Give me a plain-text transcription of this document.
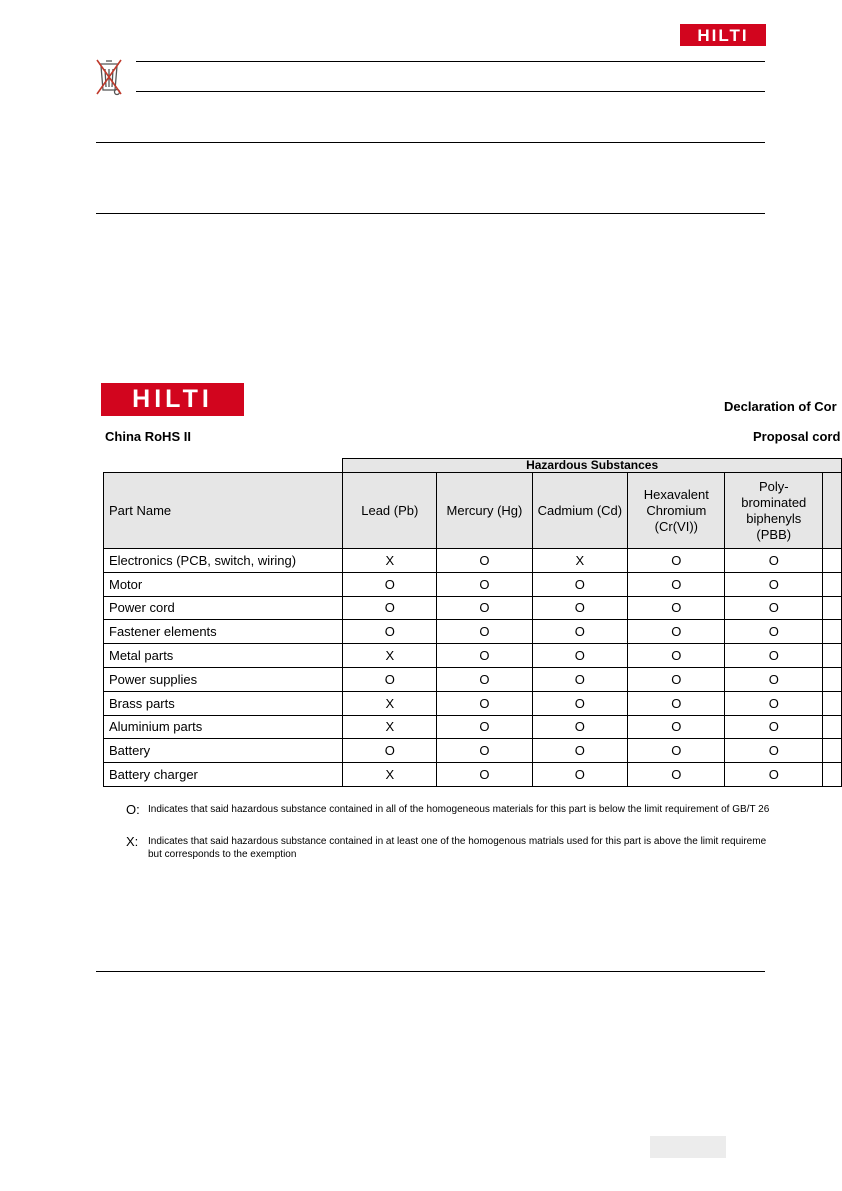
HILTI
HILTI	Declaration of Cor
China RoHS II	Proposal cord
	Hazardous Substances					
Part Name	Lead (Pb)	Mercury (Hg)	Cadmium (Cd)	Hexavalent Chromium (Cr(VI))	Poly-brominated biphenyls (PBB)	
Electronics (PCB, switch, wiring)	X	O	X	O	O	
Motor	O	O	O	O	O	
Power cord	O	O	O	O	O	
Fastener elements	O	O	O	O	O	
Metal parts	X	O	O	O	O	
Power supplies	O	O	O	O	O	
Brass parts	X	O	O	O	O	
Aluminium parts	X	O	O	O	O	
Battery	O	O	O	O	O	
Battery charger	X	O	O	O	O	
O: Indicates that said hazardous substance contained in all of the homogeneous materials for this part is below the limit requirement of GB/T 26
X: Indicates that said hazardous substance contained in at least one of the homogenous matrials used for this part is above the limit requireme
but corresponds to the exemption
